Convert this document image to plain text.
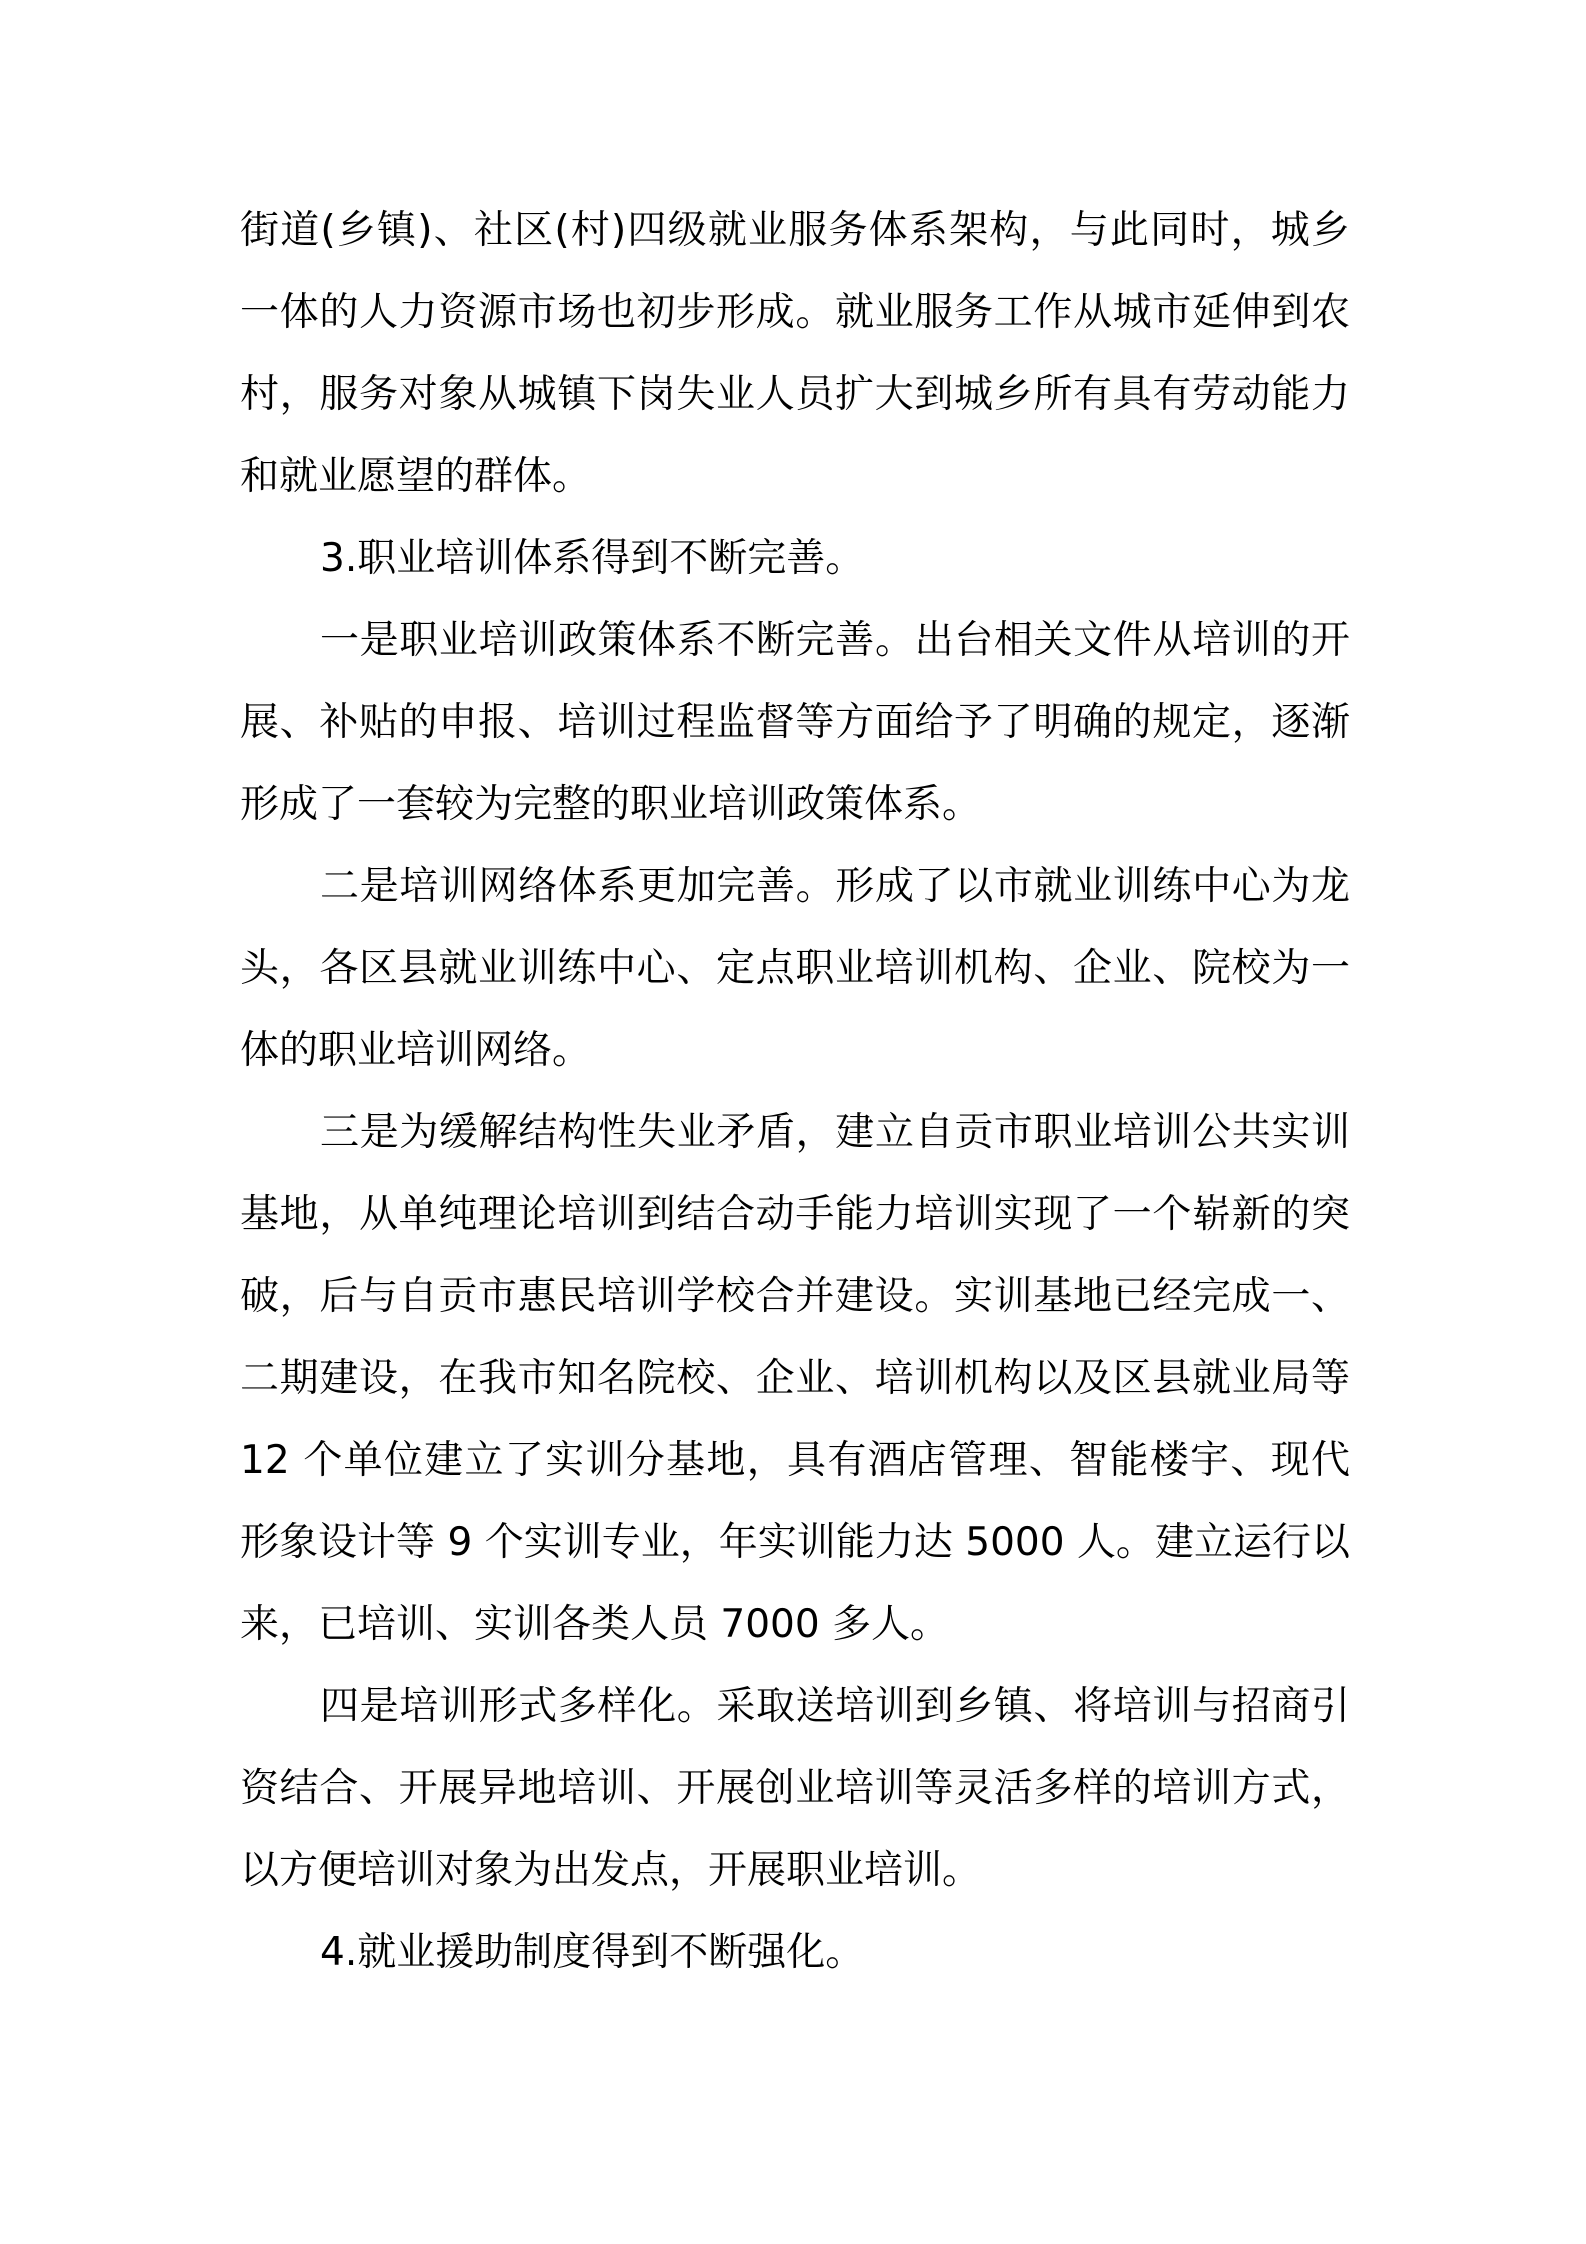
街道(乡镇)、社区(村)四级就业服务体系架构，与此同时，城乡一体的人力资源市场也初步形成。就业服务工作从城市延伸到农村，服务对象从城镇下岗失业人员扩大到城乡所有具有劳动能力和就业愿望的群体。

3.职业培训体系得到不断完善。

一是职业培训政策体系不断完善。出台相关文件从培训的开展、补贴的申报、培训过程监督等方面给予了明确的规定，逐渐形成了一套较为完整的职业培训政策体系。

二是培训网络体系更加完善。形成了以市就业训练中心为龙头，各区县就业训练中心、定点职业培训机构、企业、院校为一体的职业培训网络。

三是为缓解结构性失业矛盾，建立自贡市职业培训公共实训基地，从单纯理论培训到结合动手能力培训实现了一个崭新的突破，后与自贡市惠民培训学校合并建设。实训基地已经完成一、二期建设，在我市知名院校、企业、培训机构以及区县就业局等 12 个单位建立了实训分基地，具有酒店管理、智能楼宇、现代形象设计等 9 个实训专业，年实训能力达 5000 人。建立运行以来，已培训、实训各类人员 7000 多人。

四是培训形式多样化。采取送培训到乡镇、将培训与招商引资结合、开展异地培训、开展创业培训等灵活多样的培训方式，以方便培训对象为出发点，开展职业培训。

4.就业援助制度得到不断强化。
